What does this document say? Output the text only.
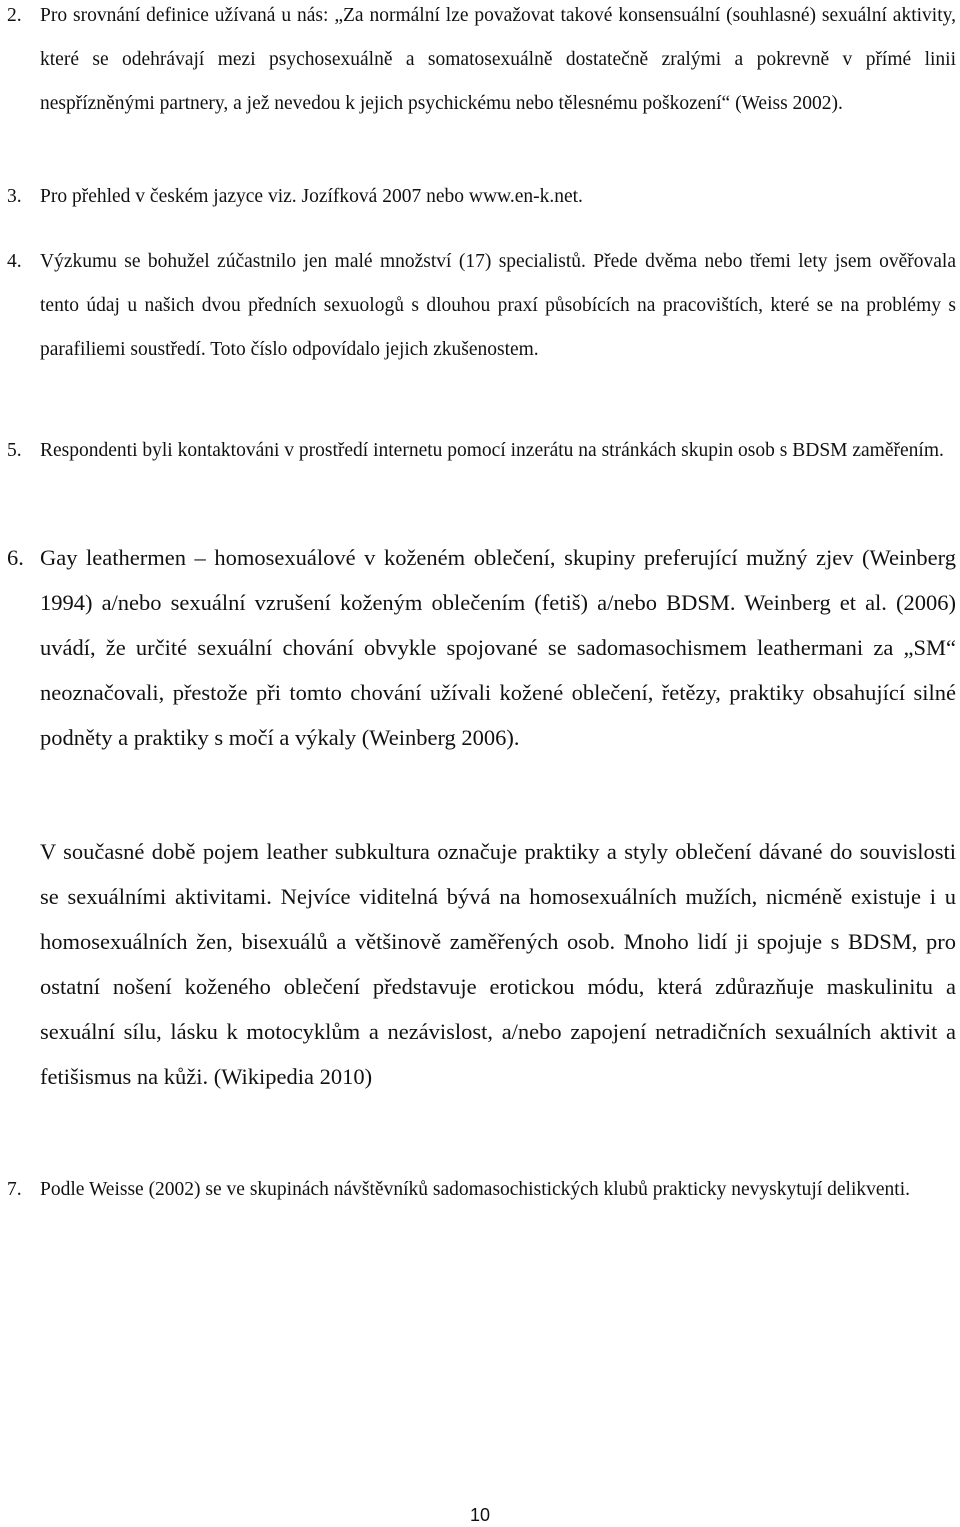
2. Pro srovnání definice užívaná u nás: „Za normální lze považovat takové konsensuální (souhlasné) sexuální aktivity, které se odehrávají mezi psychosexuálně a somatosexuálně dostatečně zralými a pokrevně v přímé linii nespřízněnými partnery, a jež nevedou k jejich psychickému nebo tělesnému poškození“ (Weiss 2002).

3. Pro přehled v českém jazyce viz. Jozífková 2007 nebo www.en-k.net.

4. Výzkumu se bohužel zúčastnilo jen malé množství (17) specialistů. Přede dvěma nebo třemi lety jsem ověřovala tento údaj u našich dvou předních sexuologů s dlouhou praxí působících na pracovištích, které se na problémy s parafiliemi soustředí. Toto číslo odpovídalo jejich zkušenostem.

5. Respondenti byli kontaktováni v prostředí internetu pomocí inzerátu na stránkách skupin osob s BDSM zaměřením.

6. Gay leathermen – homosexuálové v koženém oblečení, skupiny preferující mužný zjev (Weinberg 1994) a/nebo sexuální vzrušení koženým oblečením (fetiš) a/nebo BDSM. Weinberg et al. (2006) uvádí, že určité sexuální chování obvykle spojované se sadomasochismem leathermani za „SM“ neoznačovali, přestože při tomto chování užívali kožené oblečení, řetězy, praktiky obsahující silné podněty a praktiky s močí a výkaly (Weinberg 2006).

V současné době pojem leather subkultura označuje praktiky a styly oblečení dávané do souvislosti se sexuálními aktivitami. Nejvíce viditelná bývá na homosexuálních mužích, nicméně existuje i u homosexuálních žen, bisexuálů a většinově zaměřených osob. Mnoho lidí ji spojuje s BDSM, pro ostatní nošení koženého oblečení představuje erotickou módu, která zdůrazňuje maskulinitu a sexuální sílu, lásku k motocyklům a nezávislost, a/nebo zapojení netradičních sexuálních aktivit a fetišismus na kůži. (Wikipedia 2010)

7. Podle Weisse (2002) se ve skupinách návštěvníků sadomasochistických klubů prakticky nevyskytují delikventi.

10
